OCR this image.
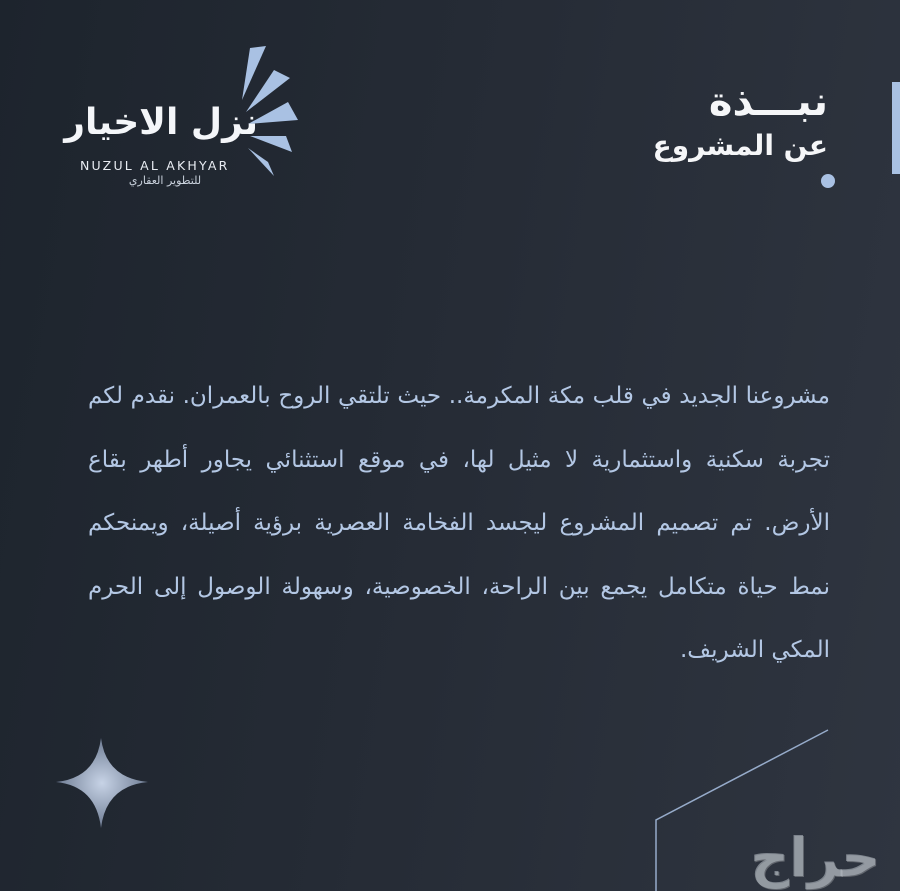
نزل الاخيار
NUZUL AL AKHYAR
للتطوير العقاري
نبـــذة
عن المشروع
مشروعنا الجديد في قلب مكة المكرمة.. حيث تلتقي الروح بالعمران. نقدم لكم تجربة سكنية واستثمارية لا مثيل لها، في موقع استثنائي يجاور أطهر بقاع الأرض. تم تصميم المشروع ليجسد الفخامة العصرية برؤية أصيلة، ويمنحكم نمط حياة متكامل يجمع بين الراحة، الخصوصية، وسهولة الوصول إلى الحرم المكي الشريف.
حراج
